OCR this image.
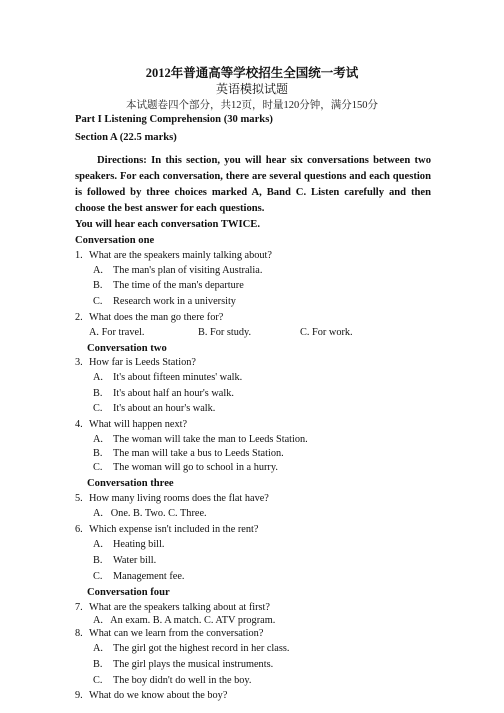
2012年普通高等学校招生全国统一考试
英语模拟试题
本试题卷四个部分，共12页，时量120分钟，满分150分
Part I Listening Comprehension (30 marks)
Section A (22.5 marks)
Directions: In this section, you will hear six conversations between two speakers. For each conversation, there are several questions and each question is followed by three choices marked A, Band C. Listen carefully and then choose the best answer for each questions.
You will hear each conversation TWICE.
Conversation one
1. What are the speakers mainly talking about?
A. The man's plan of visiting Australia.
B. The time of the man's departure
C. Research work in a university
2. What does the man go there for?
A. For travel.	B. For study.	C. For work.
Conversation two
3. How far is Leeds Station?
A. It's about fifteen minutes' walk.
B. It's about half an hour's walk.
C. It's about an hour's walk.
4. What will happen next?
A. The woman will take the man to Leeds Station.
B. The man will take a bus to Leeds Station.
C. The woman will go to school in a hurry.
Conversation three
5. How many living rooms does the flat have?
A.   One. B. Two. C. Three.
6. Which expense isn't included in the rent?
A. Heating bill.
B. Water bill.
C. Management fee.
Conversation four
7. What are the speakers talking about at first?
A.   An exam. B. A match. C. ATV program.
8. What can we learn from the conversation?
A. The girl got the highest record in her class.
B. The girl plays the musical instruments.
C. The boy didn't do well in the boy.
9. What do we know about the boy?
